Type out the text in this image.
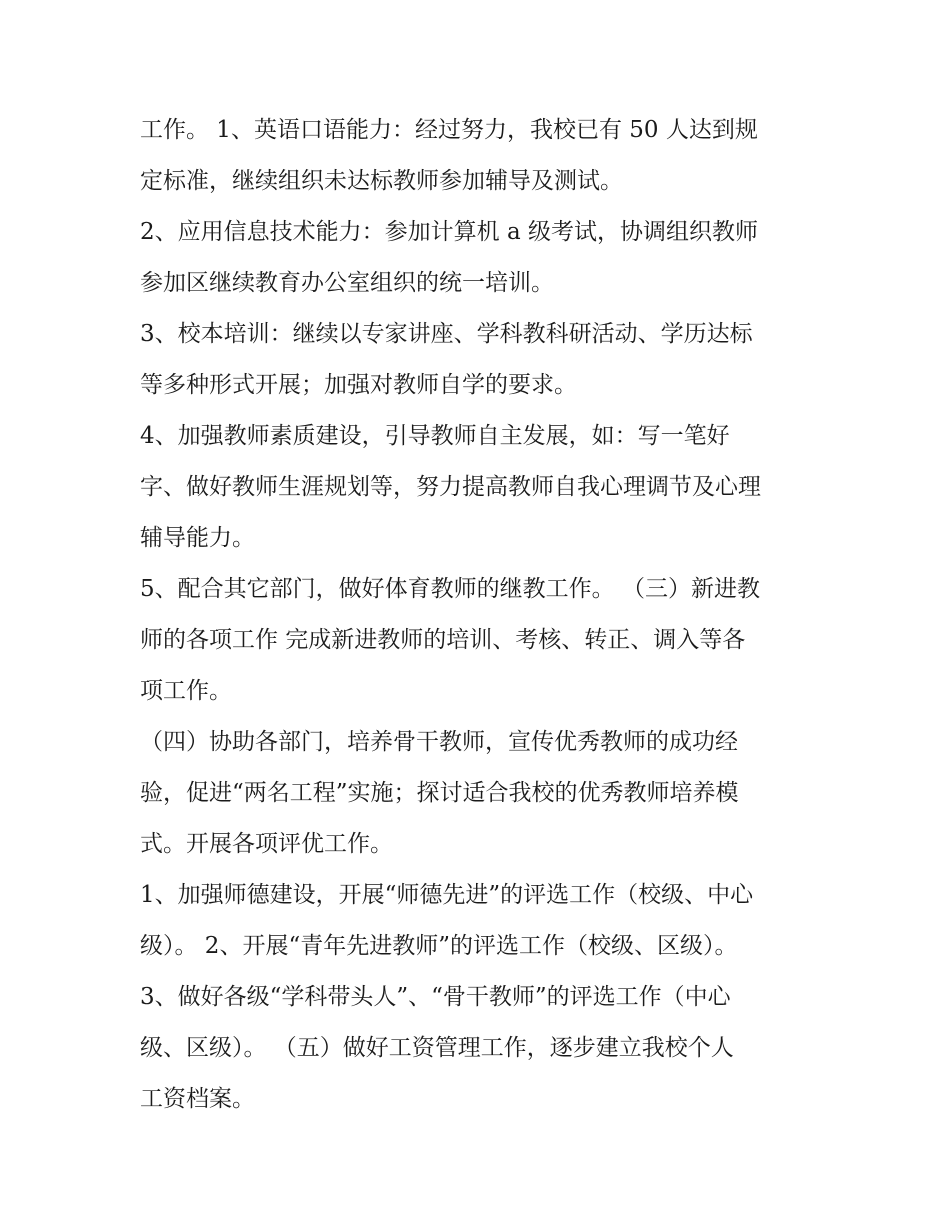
工作。 1、英语口语能力：经过努力，我校已有 50 人达到规

定标准，继续组织未达标教师参加辅导及测试。

2、应用信息技术能力：参加计算机 a 级考试，协调组织教师

参加区继续教育办公室组织的统一培训。

3、校本培训：继续以专家讲座、学科教科研活动、学历达标

等多种形式开展；加强对教师自学的要求。

4、加强教师素质建设，引导教师自主发展，如：写一笔好

字、做好教师生涯规划等，努力提高教师自我心理调节及心理

辅导能力。

5、配合其它部门，做好体育教师的继教工作。 （三）新进教

师的各项工作 完成新进教师的培训、考核、转正、调入等各

项工作。

（四）协助各部门，培养骨干教师，宣传优秀教师的成功经

验，促进“两名工程”实施；探讨适合我校的优秀教师培养模

式。开展各项评优工作。

1、加强师德建设，开展“师德先进”的评选工作（校级、中心

级）。 2、开展“青年先进教师”的评选工作（校级、区级）。

3、做好各级“学科带头人”、“骨干教师”的评选工作（中心

级、区级）。 （五）做好工资管理工作，逐步建立我校个人

工资档案。
